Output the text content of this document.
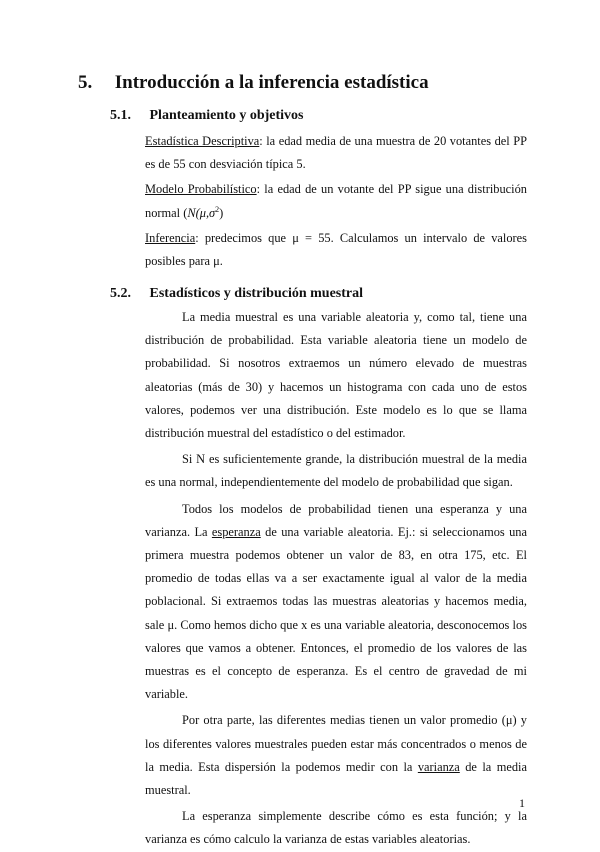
5. Introducción a la inferencia estadística
5.1. Planteamiento y objetivos

Estadística Descriptiva: la edad media de una muestra de 20 votantes del PP es de 55 con desviación típica 5.

Modelo Probabilístico: la edad de un votante del PP sigue una distribución normal ($N(\mu,\sigma^2)$

Inferencia: predecimos que μ = 55. Calculamos un intervalo de valores posibles para μ.

5.2. Estadísticos y distribución muestral

La media muestral es una variable aleatoria y, como tal, tiene una distribución de probabilidad. Esta variable aleatoria tiene un modelo de probabilidad. Si nosotros extraemos un número elevado de muestras aleatorias (más de 30) y hacemos un histograma con cada uno de estos valores, podemos ver una distribución. Este modelo es lo que se llama distribución muestral del estadístico o del estimador.

Si N es suficientemente grande, la distribución muestral de la media es una normal, independientemente del modelo de probabilidad que sigan.

Todos los modelos de probabilidad tienen una esperanza y una varianza. La esperanza de una variable aleatoria. Ej.: si seleccionamos una primera muestra podemos obtener un valor de 83, en otra 175, etc. El promedio de todas ellas va a ser exactamente igual al valor de la media poblacional. Si extraemos todas las muestras aleatorias y hacemos media, sale μ. Como hemos dicho que x es una variable aleatoria, desconocemos los valores que vamos a obtener. Entonces, el promedio de los valores de las muestras es el concepto de esperanza. Es el centro de gravedad de mi variable.

Por otra parte, las diferentes medias tienen un valor promedio (μ) y los diferentes valores muestrales pueden estar más concentrados o menos de la media. Esta dispersión la podemos medir con la varianza de la media muestral.

La esperanza simplemente describe cómo es esta función; y la varianza es cómo calculo la varianza de estas variables aleatorias.

1
